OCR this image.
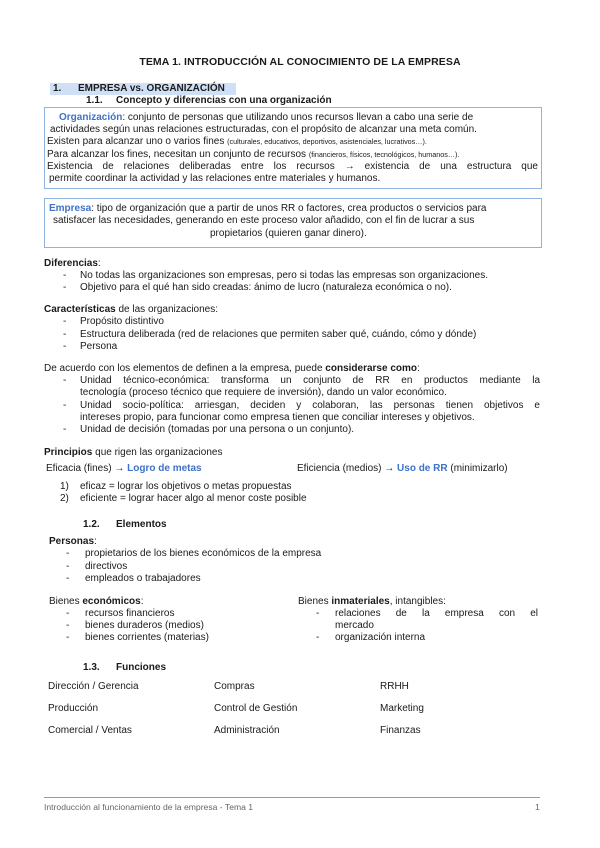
TEMA 1. INTRODUCCIÓN AL CONOCIMIENTO DE LA EMPRESA
1. EMPRESA vs. ORGANIZACIÓN
1.1. Concepto y diferencias con una organización
Organización: conjunto de personas que utilizando unos recursos llevan a cabo una serie de
actividades según unas relaciones estructuradas, con el propósito de alcanzar una meta común.
Existen para alcanzar uno o varios fines (culturales, educativos, deportivos, asistenciales, lucrativos…).
Para alcanzar los fines, necesitan un conjunto de recursos (financieros, físicos, tecnológicos, humanos…).
Existencia de relaciones deliberadas entre los recursos → existencia de una estructura que
permite coordinar la actividad y las relaciones entre materiales y humanos.
Empresa: tipo de organización que a partir de unos RR o factores, crea productos o servicios para
satisfacer las necesidades, generando en este proceso valor añadido, con el fin de lucrar a sus
propietarios (quieren ganar dinero).
Diferencias:
- No todas las organizaciones son empresas, pero si todas las empresas son organizaciones.
- Objetivo para el qué han sido creadas: ánimo de lucro (naturaleza económica o no).
Características de las organizaciones:
- Propósito distintivo
- Estructura deliberada (red de relaciones que permiten saber qué, cuándo, cómo y dónde)
- Persona
De acuerdo con los elementos de definen a la empresa, puede considerarse como:
- Unidad técnico-económica: transforma un conjunto de RR en productos mediante la
tecnología (proceso técnico que requiere de inversión), dando un valor económico.
- Unidad socio-política: arriesgan, deciden y colaboran, las personas tienen objetivos e
intereses propio, para funcionar como empresa tienen que conciliar intereses y objetivos.
- Unidad de decisión (tomadas por una persona o un conjunto).
Principios que rigen las organizaciones
Eficacia (fines) → Logro de metas	Eficiencia (medios) → Uso de RR (minimizarlo)
1) eficaz = lograr los objetivos o metas propuestas
2) eficiente = lograr hacer algo al menor coste posible
1.2. Elementos
Personas:
- propietarios de los bienes económicos de la empresa
- directivos
- empleados o trabajadores
Bienes económicos:
- recursos financieros
- bienes duraderos (medios)
- bienes corrientes (materias)
Bienes inmateriales, intangibles:
- relaciones de la empresa con el
mercado
- organización interna
1.3. Funciones
Dirección / Gerencia	Compras	RRHH
Producción	Control de Gestión	Marketing
Comercial / Ventas	Administración	Finanzas
Introducción al funcionamiento de la empresa - Tema 1	1
